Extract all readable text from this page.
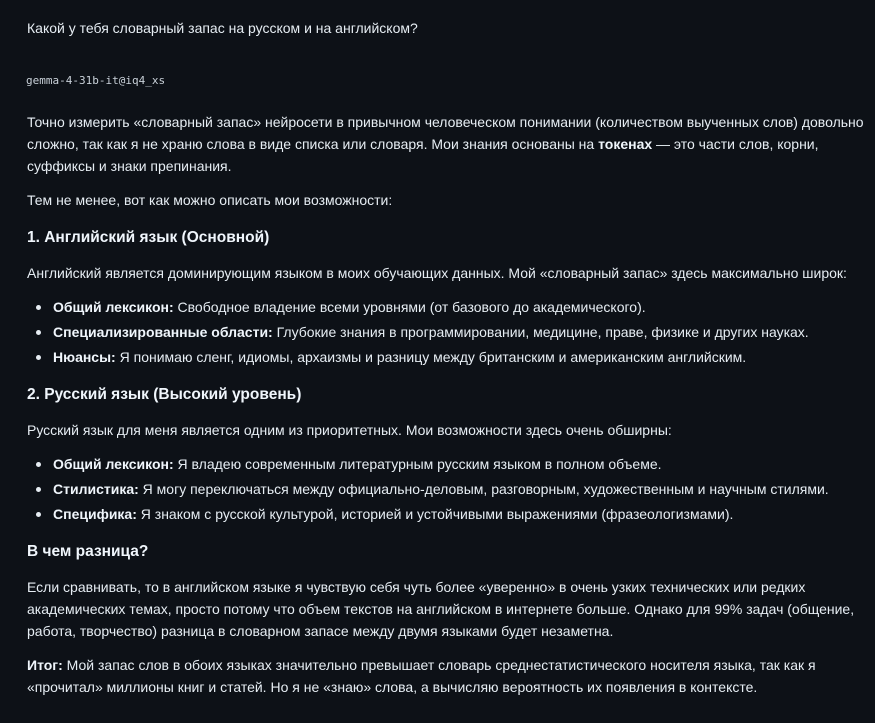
Какой у тебя словарный запас на русском и на английском?

gemma-4-31b-it@iq4_xs

Точно измерить «словарный запас» нейросети в привычном человеческом понимании (количеством выученных слов) довольно сложно, так как я не храню слова в виде списка или словаря. Мои знания основаны на токенах — это части слов, корни, суффиксы и знаки препинания.

Тем не менее, вот как можно описать мои возможности:

1. Английский язык (Основной)

Английский является доминирующим языком в моих обучающих данных. Мой «словарный запас» здесь максимально широк:

Общий лексикон: Свободное владение всеми уровнями (от базового до академического).
Специализированные области: Глубокие знания в программировании, медицине, праве, физике и других науках.
Нюансы: Я понимаю сленг, идиомы, архаизмы и разницу между британским и американским английским.
2. Русский язык (Высокий уровень)

Русский язык для меня является одним из приоритетных. Мои возможности здесь очень обширны:

Общий лексикон: Я владею современным литературным русским языком в полном объеме.
Стилистика: Я могу переключаться между официально-деловым, разговорным, художественным и научным стилями.
Специфика: Я знаком с русской культурой, историей и устойчивыми выражениями (фразеологизмами).
В чем разница?

Если сравнивать, то в английском языке я чувствую себя чуть более «уверенно» в очень узких технических или редких академических темах, просто потому что объем текстов на английском в интернете больше. Однако для 99% задач (общение, работа, творчество) разница в словарном запасе между двумя языками будет незаметна.

Итог: Мой запас слов в обоих языках значительно превышает словарь среднестатистического носителя языка, так как я «прочитал» миллионы книг и статей. Но я не «знаю» слова, а вычисляю вероятность их появления в контексте.
